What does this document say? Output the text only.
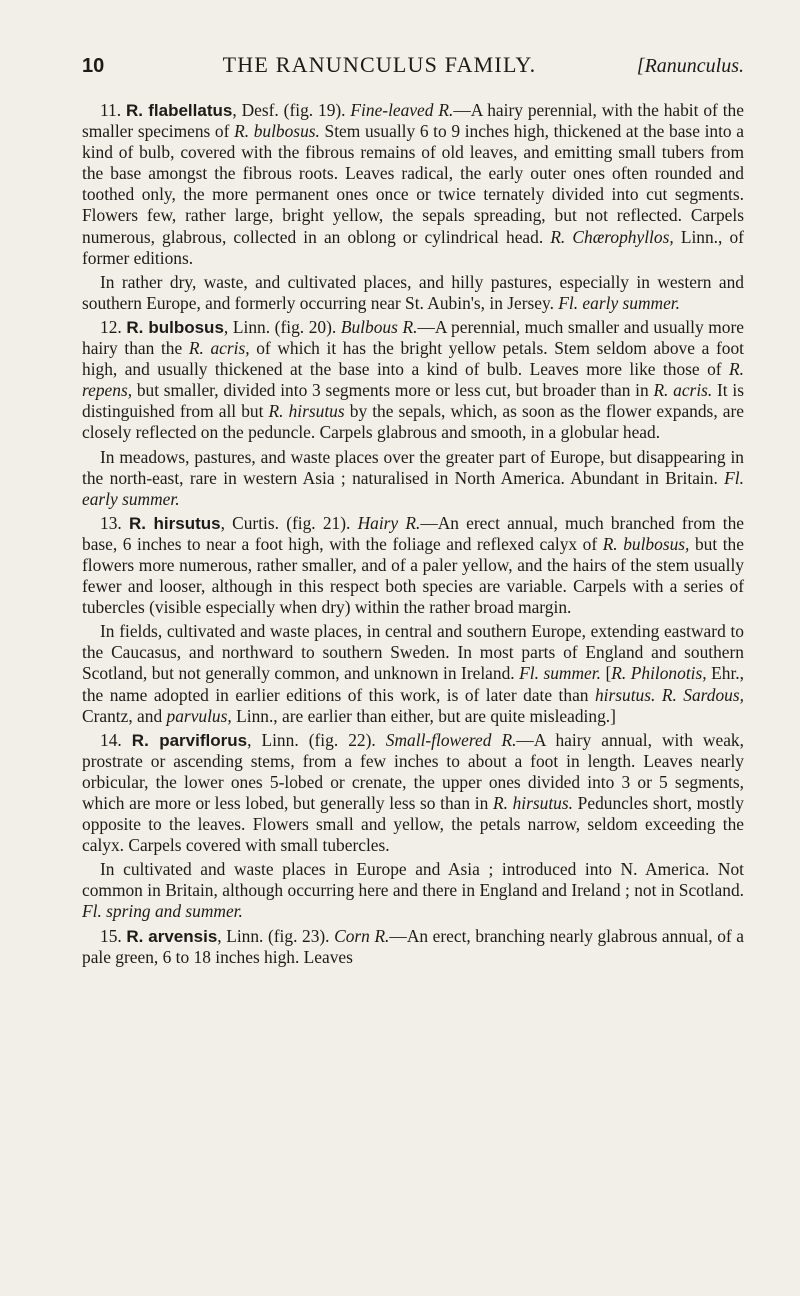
10	THE RANUNCULUS FAMILY.	[Ranunculus.

11. R. flabellatus, Desf. (fig. 19). Fine-leaved R.—A hairy perennial, with the habit of the smaller specimens of R. bulbosus. Stem usually 6 to 9 inches high, thickened at the base into a kind of bulb, covered with the fibrous remains of old leaves, and emitting small tubers from the base amongst the fibrous roots. Leaves radical, the early outer ones often rounded and toothed only, the more permanent ones once or twice ternately divided into cut segments. Flowers few, rather large, bright yellow, the sepals spreading, but not reflected. Carpels numerous, glabrous, collected in an oblong or cylindrical head. R. Chærophyllos, Linn., of former editions.

In rather dry, waste, and cultivated places, and hilly pastures, especially in western and southern Europe, and formerly occurring near St. Aubin's, in Jersey. Fl. early summer.

12. R. bulbosus, Linn. (fig. 20). Bulbous R.—A perennial, much smaller and usually more hairy than the R. acris, of which it has the bright yellow petals. Stem seldom above a foot high, and usually thickened at the base into a kind of bulb. Leaves more like those of R. repens, but smaller, divided into 3 segments more or less cut, but broader than in R. acris. It is distinguished from all but R. hirsutus by the sepals, which, as soon as the flower expands, are closely reflected on the peduncle. Carpels glabrous and smooth, in a globular head.

In meadows, pastures, and waste places over the greater part of Europe, but disappearing in the north-east, rare in western Asia ; naturalised in North America. Abundant in Britain. Fl. early summer.

13. R. hirsutus, Curtis. (fig. 21). Hairy R.—An erect annual, much branched from the base, 6 inches to near a foot high, with the foliage and reflexed calyx of R. bulbosus, but the flowers more numerous, rather smaller, and of a paler yellow, and the hairs of the stem usually fewer and looser, although in this respect both species are variable. Carpels with a series of tubercles (visible especially when dry) within the rather broad margin.

In fields, cultivated and waste places, in central and southern Europe, extending eastward to the Caucasus, and northward to southern Sweden. In most parts of England and southern Scotland, but not generally common, and unknown in Ireland. Fl. summer. [R. Philonotis, Ehr., the name adopted in earlier editions of this work, is of later date than hirsutus. R. Sardous, Crantz, and parvulus, Linn., are earlier than either, but are quite misleading.]

14. R. parviflorus, Linn. (fig. 22). Small-flowered R.—A hairy annual, with weak, prostrate or ascending stems, from a few inches to about a foot in length. Leaves nearly orbicular, the lower ones 5-lobed or crenate, the upper ones divided into 3 or 5 segments, which are more or less lobed, but generally less so than in R. hirsutus. Peduncles short, mostly opposite to the leaves. Flowers small and yellow, the petals narrow, seldom exceeding the calyx. Carpels covered with small tubercles.

In cultivated and waste places in Europe and Asia ; introduced into N. America. Not common in Britain, although occurring here and there in England and Ireland ; not in Scotland. Fl. spring and summer.

15. R. arvensis, Linn. (fig. 23). Corn R.—An erect, branching nearly glabrous annual, of a pale green, 6 to 18 inches high. Leaves
